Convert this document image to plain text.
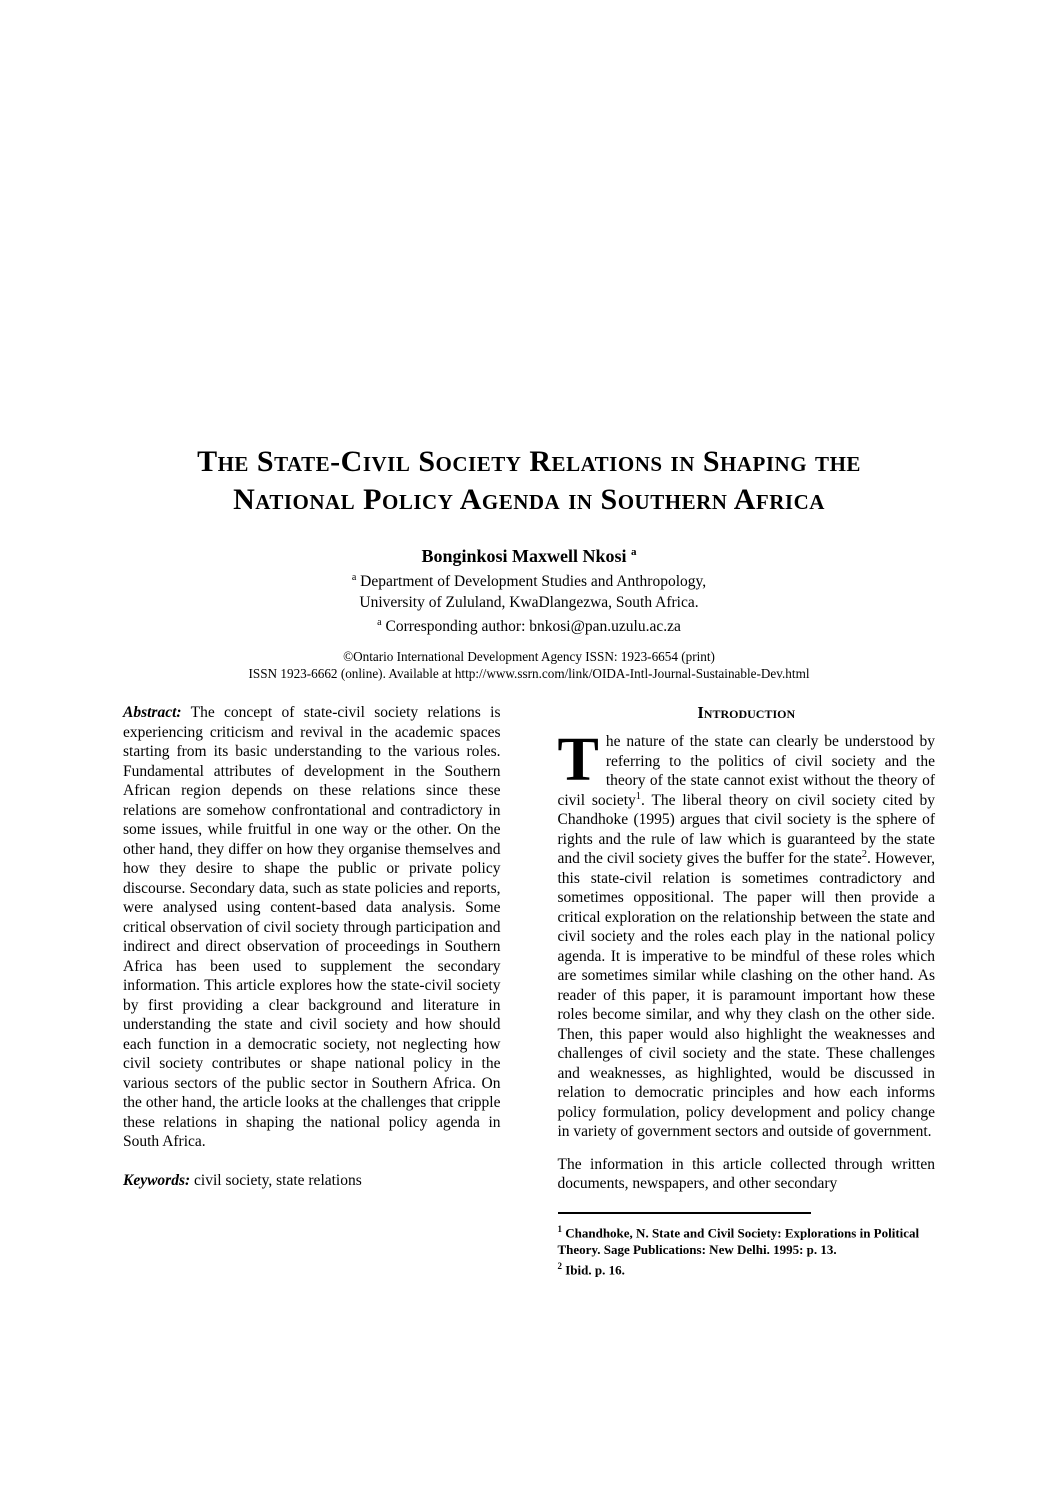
The State-Civil Society Relations in Shaping the
National Policy Agenda in Southern Africa
Bonginkosi Maxwell Nkosi $^a$
$^a$ Department of Development Studies and Anthropology,
University of Zululand, KwaDlangezwa, South Africa.
$^a$ Corresponding author: bnkosi@pan.uzulu.ac.za
©Ontario International Development Agency ISSN: 1923-6654 (print)
ISSN 1923-6662 (online). Available at http://www.ssrn.com/link/OIDA-Intl-Journal-Sustainable-Dev.html

Abstract: The concept of state-civil society relations is experiencing criticism and revival in the academic spaces starting from its basic understanding to the various roles. Fundamental attributes of development in the Southern African region depends on these relations since these relations are somehow confrontational and contradictory in some issues, while fruitful in one way or the other. On the other hand, they differ on how they organise themselves and how they desire to shape the public or private policy discourse. Secondary data, such as state policies and reports, were analysed using content-based data analysis. Some critical observation of civil society through participation and indirect and direct observation of proceedings in Southern Africa has been used to supplement the secondary information. This article explores how the state-civil society by first providing a clear background and literature in understanding the state and civil society and how should each function in a democratic society, not neglecting how civil society contributes or shape national policy in the various sectors of the public sector in Southern Africa. On the other hand, the article looks at the challenges that cripple these relations in shaping the national policy agenda in South Africa.

Keywords: civil society, state relations

Introduction

The nature of the state can clearly be understood by referring to the politics of civil society and the theory of the state cannot exist without the theory of civil society$^1$. The liberal theory on civil society cited by Chandhoke (1995) argues that civil society is the sphere of rights and the rule of law which is guaranteed by the state and the civil society gives the buffer for the state$^2$. However, this state-civil relation is sometimes contradictory and sometimes oppositional. The paper will then provide a critical exploration on the relationship between the state and civil society and the roles each play in the national policy agenda. It is imperative to be mindful of these roles which are sometimes similar while clashing on the other hand. As reader of this paper, it is paramount important how these roles become similar, and why they clash on the other side. Then, this paper would also highlight the weaknesses and challenges of civil society and the state. These challenges and weaknesses, as highlighted, would be discussed in relation to democratic principles and how each informs policy formulation, policy development and policy change in variety of government sectors and outside of government.

The information in this article collected through written documents, newspapers, and other secondary

$^1$ Chandhoke, N. State and Civil Society: Explorations in Political Theory. Sage Publications: New Delhi. 1995: p. 13.
$^2$ Ibid. p. 16.
